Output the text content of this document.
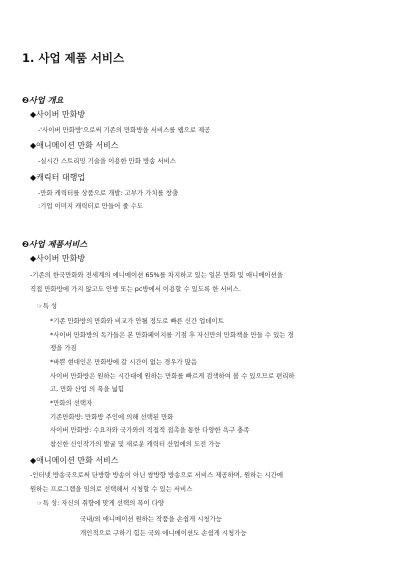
1. 사업 제품 서비스
❷사업 개요
◆사이버 만화방
-'사이버 만화방'으로써 기존의 만화방을 서비스를 웹으로 제공
◆애니메이션 만화 서비스
-실시간 스트리밍 기술을 이용한 만화 방송 서비스
◆캐릭터 대행업
-만화 캐릭터를 상품으로 개발: 고부가 가치를 창출
:기업 이미지 캐릭터로 만들어 줄 수도
❷사업 제품서비스
◆사이버 만화방
-기존의 한국만화와 전세계의 애니메이션 65%를 차지하고 있는 일본 만화 및 애니메이션을
직접 만화방에 가지 않고도 안방 또는 pc방에서 이용할 수 있도록 한 서비스.
☞특 성
*기존 만화방의 만화와 비교가 안될 정도로 빠른 신간 업데이트
*사이버 만화방의 독가들은 본 만화페이지를 기점 후 자신만의 만화책을 만들 수 있는 경
쟁을 가짐
*바쁜 현대인은 만화방에 갈 시간이 없는 경우가 많음
사이버 만화방은 원하는 시간대에 원하는 만화를 빠르게 검색하여 볼 수 있으므로 편리하
고, 만화 산업 의 폭을 넓힘
*만화의 선택자
기존만화방: 만화방 주인에 의해 선택된 만화
사이버 만화방: 수요자와 국가와의 직접적 접촉을 통한 다양한 욕구 충족
참신한 신인작가의 발굴 및 새로운 캐릭터 산업에의 도전 가능
◆애니메이션 만화 서비스
-인터넷 방송국으로써 단방향 방송이 아닌 쌍방향 방송으로 서비스 제공하며, 원하는 시간에
원하는 프로그램을 임의로 선택해서 시청할 수 있는 서비스
☞특 성: 자신의 취향에 맞게 선택의 폭이 다양
국내/외 애니메이션 원하는 작품을 손쉽게 시청가능
개인적으로 구하기 힘든 국외 애니메이션도 손쉽게 시청가능
